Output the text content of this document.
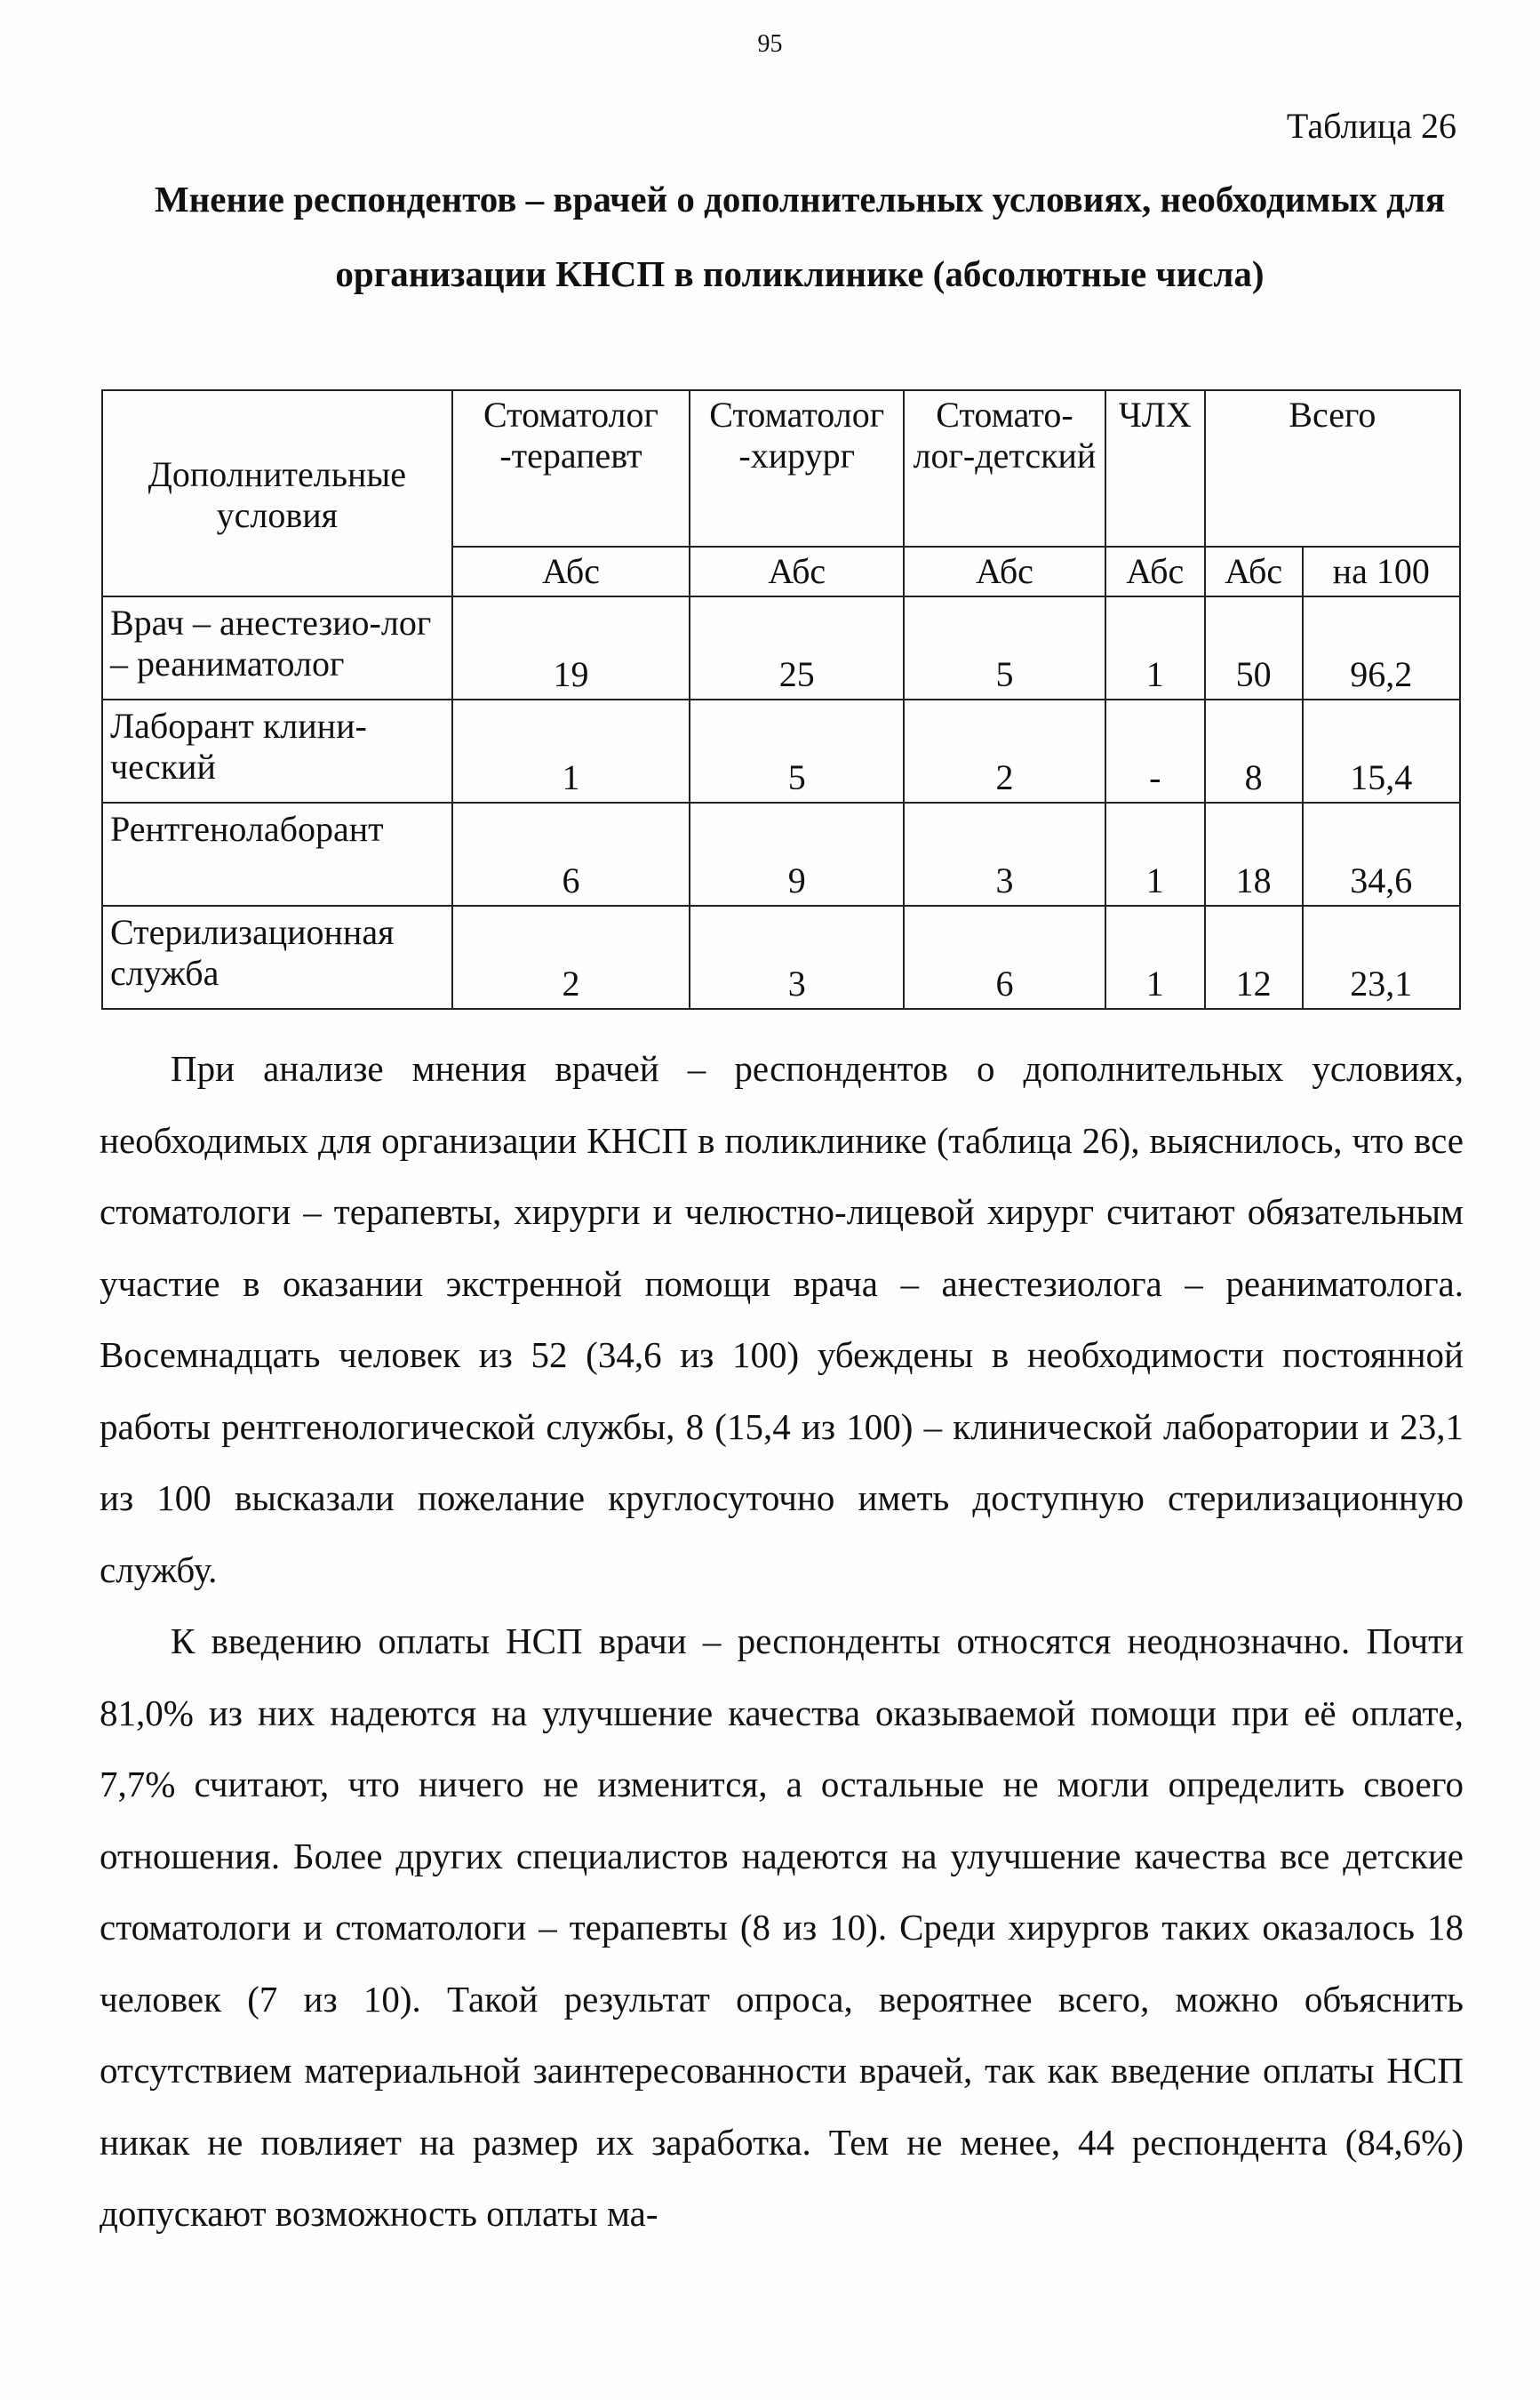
95
Таблица 26
Мнение респондентов – врачей о дополнительных условиях, необходимых для организации КНСП в поликлинике (абсолютные числа)
Дополнительные условия	Стоматолог -терапевт	Стоматолог -хирург	Стомато-лог-детский	ЧЛХ	Всего	
	Абс	Абс	Абс	Абс	Абс	на 100
Врач – анестезио-лог – реаниматолог	19	25	5	1	50	96,2
Лаборант клини-ческий	1	5	2	-	8	15,4
Рентгенолаборант	6	9	3	1	18	34,6
Стерилизационная служба	2	3	6	1	12	23,1

При анализе мнения врачей – респондентов о дополнительных условиях, необходимых для организации КНСП в поликлинике (таблица 26), выяснилось, что все стоматологи – терапевты, хирурги и челюстно-лицевой хирург считают обязательным участие в оказании экстренной помощи врача – анестезиолога – реаниматолога. Восемнадцать человек из 52 (34,6 из 100) убеждены в необходимости постоянной работы рентгенологической службы, 8 (15,4 из 100) – клинической лаборатории и 23,1 из 100 высказали пожелание круглосуточно иметь доступную стерилизационную службу.

К введению оплаты НСП врачи – респонденты относятся неоднозначно. Почти 81,0% из них надеются на улучшение качества оказываемой помощи при её оплате, 7,7% считают, что ничего не изменится, а остальные не могли определить своего отношения. Более других специалистов надеются на улучшение качества все детские стоматологи и стоматологи – терапевты (8 из 10). Среди хирургов таких оказалось 18 человек (7 из 10). Такой результат опроса, вероятнее всего, можно объяснить отсутствием материальной заинтересованности врачей, так как введение оплаты НСП никак не повлияет на размер их заработка. Тем не менее, 44 респондента (84,6%) допускают возможность оплаты ма-
